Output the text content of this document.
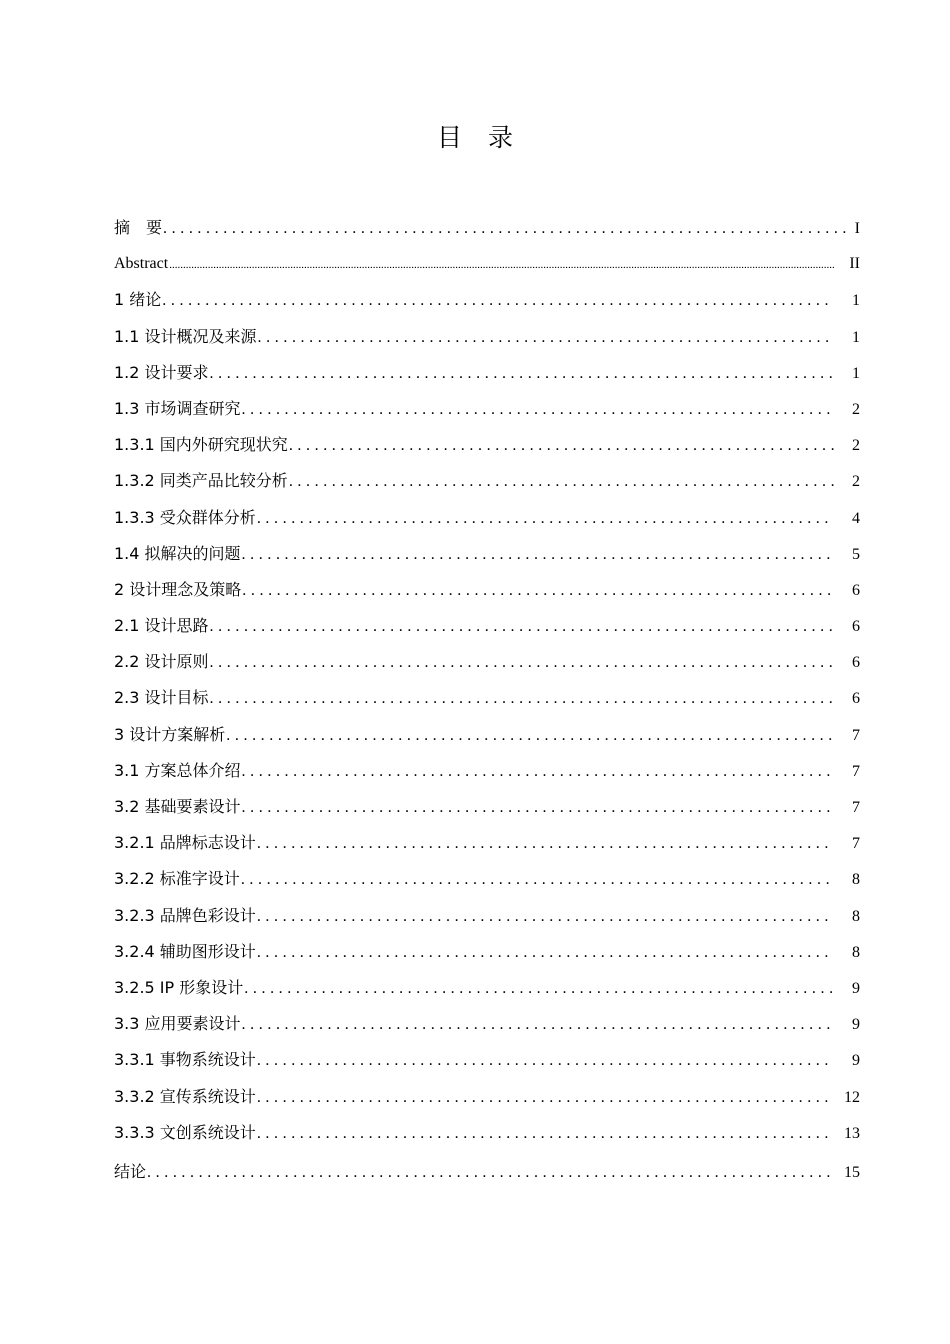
目 录
摘　要 .....	I
Abstract .....	II
1 绪论 .....	1
1.1 设计概况及来源 .....	1
1.2 设计要求 .....	1
1.3 市场调查研究 .....	2
1.3.1 国内外研究现状究 .....	2
1.3.2 同类产品比较分析 .....	2
1.3.3 受众群体分析 .....	4
1.4 拟解决的问题 .....	5
2 设计理念及策略 .....	6
2.1 设计思路 .....	6
2.2 设计原则 .....	6
2.3 设计目标 .....	6
3 设计方案解析 .....	7
3.1 方案总体介绍 .....	7
3.2 基础要素设计 .....	7
3.2.1 品牌标志设计 .....	7
3.2.2 标准字设计 .....	8
3.2.3 品牌色彩设计 .....	8
3.2.4 辅助图形设计 .....	8
3.2.5 IP 形象设计 .....	9
3.3 应用要素设计 .....	9
3.3.1 事物系统设计 .....	9
3.3.2 宣传系统设计 .....	12
3.3.3 文创系统设计 .....	13
结论 .....	15
